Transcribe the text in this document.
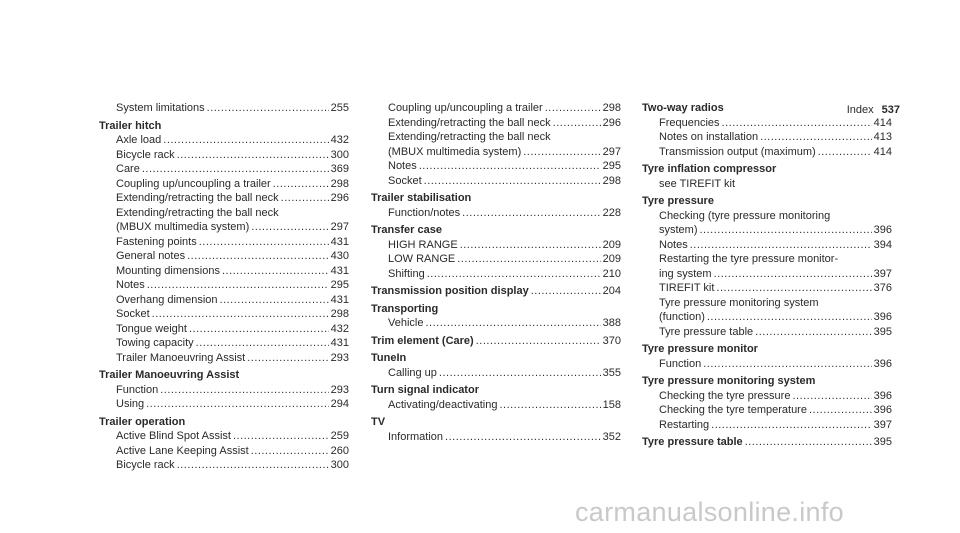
Index 537
System limitations .....	255
Trailer hitch
Axle load .....	432
Bicycle rack .....	300
Care .....	369
Coupling up/uncoupling a trailer .....	298
Extending/retracting the ball neck .....	296
Extending/retracting the ball neck
(MBUX multimedia system) .....	297
Fastening points .....	431
General notes .....	430
Mounting dimensions .....	431
Notes .....	295
Overhang dimension .....	431
Socket .....	298
Tongue weight .....	432
Towing capacity .....	431
Trailer Manoeuvring Assist .....	293
Trailer Manoeuvring Assist
Function .....	293
Using .....	294
Trailer operation
Active Blind Spot Assist .....	259
Active Lane Keeping Assist .....	260
Bicycle rack .....	300
Coupling up/uncoupling a trailer .....	298
Extending/retracting the ball neck .....	296
Extending/retracting the ball neck
(MBUX multimedia system) .....	297
Notes .....	295
Socket .....	298
Trailer stabilisation
Function/notes .....	228
Transfer case
HIGH RANGE .....	209
LOW RANGE .....	209
Shifting .....	210
Transmission position display .....	204
Transporting
Vehicle .....	388
Trim element (Care) .....	370
TuneIn
Calling up .....	355
Turn signal indicator
Activating/deactivating .....	158
TV
Information .....	352
Two-way radios
Frequencies .....	414
Notes on installation .....	413
Transmission output (maximum) .....	414
Tyre inflation compressor
see TIREFIT kit
Tyre pressure
Checking (tyre pressure monitoring
system) .....	396
Notes .....	394
Restarting the tyre pressure monitor-
ing system .....	397
TIREFIT kit .....	376
Tyre pressure monitoring system
(function) .....	396
Tyre pressure table .....	395
Tyre pressure monitor
Function .....	396
Tyre pressure monitoring system
Checking the tyre pressure .....	396
Checking the tyre temperature .....	396
Restarting .....	397
Tyre pressure table .....	395
carmanualsonline.info
